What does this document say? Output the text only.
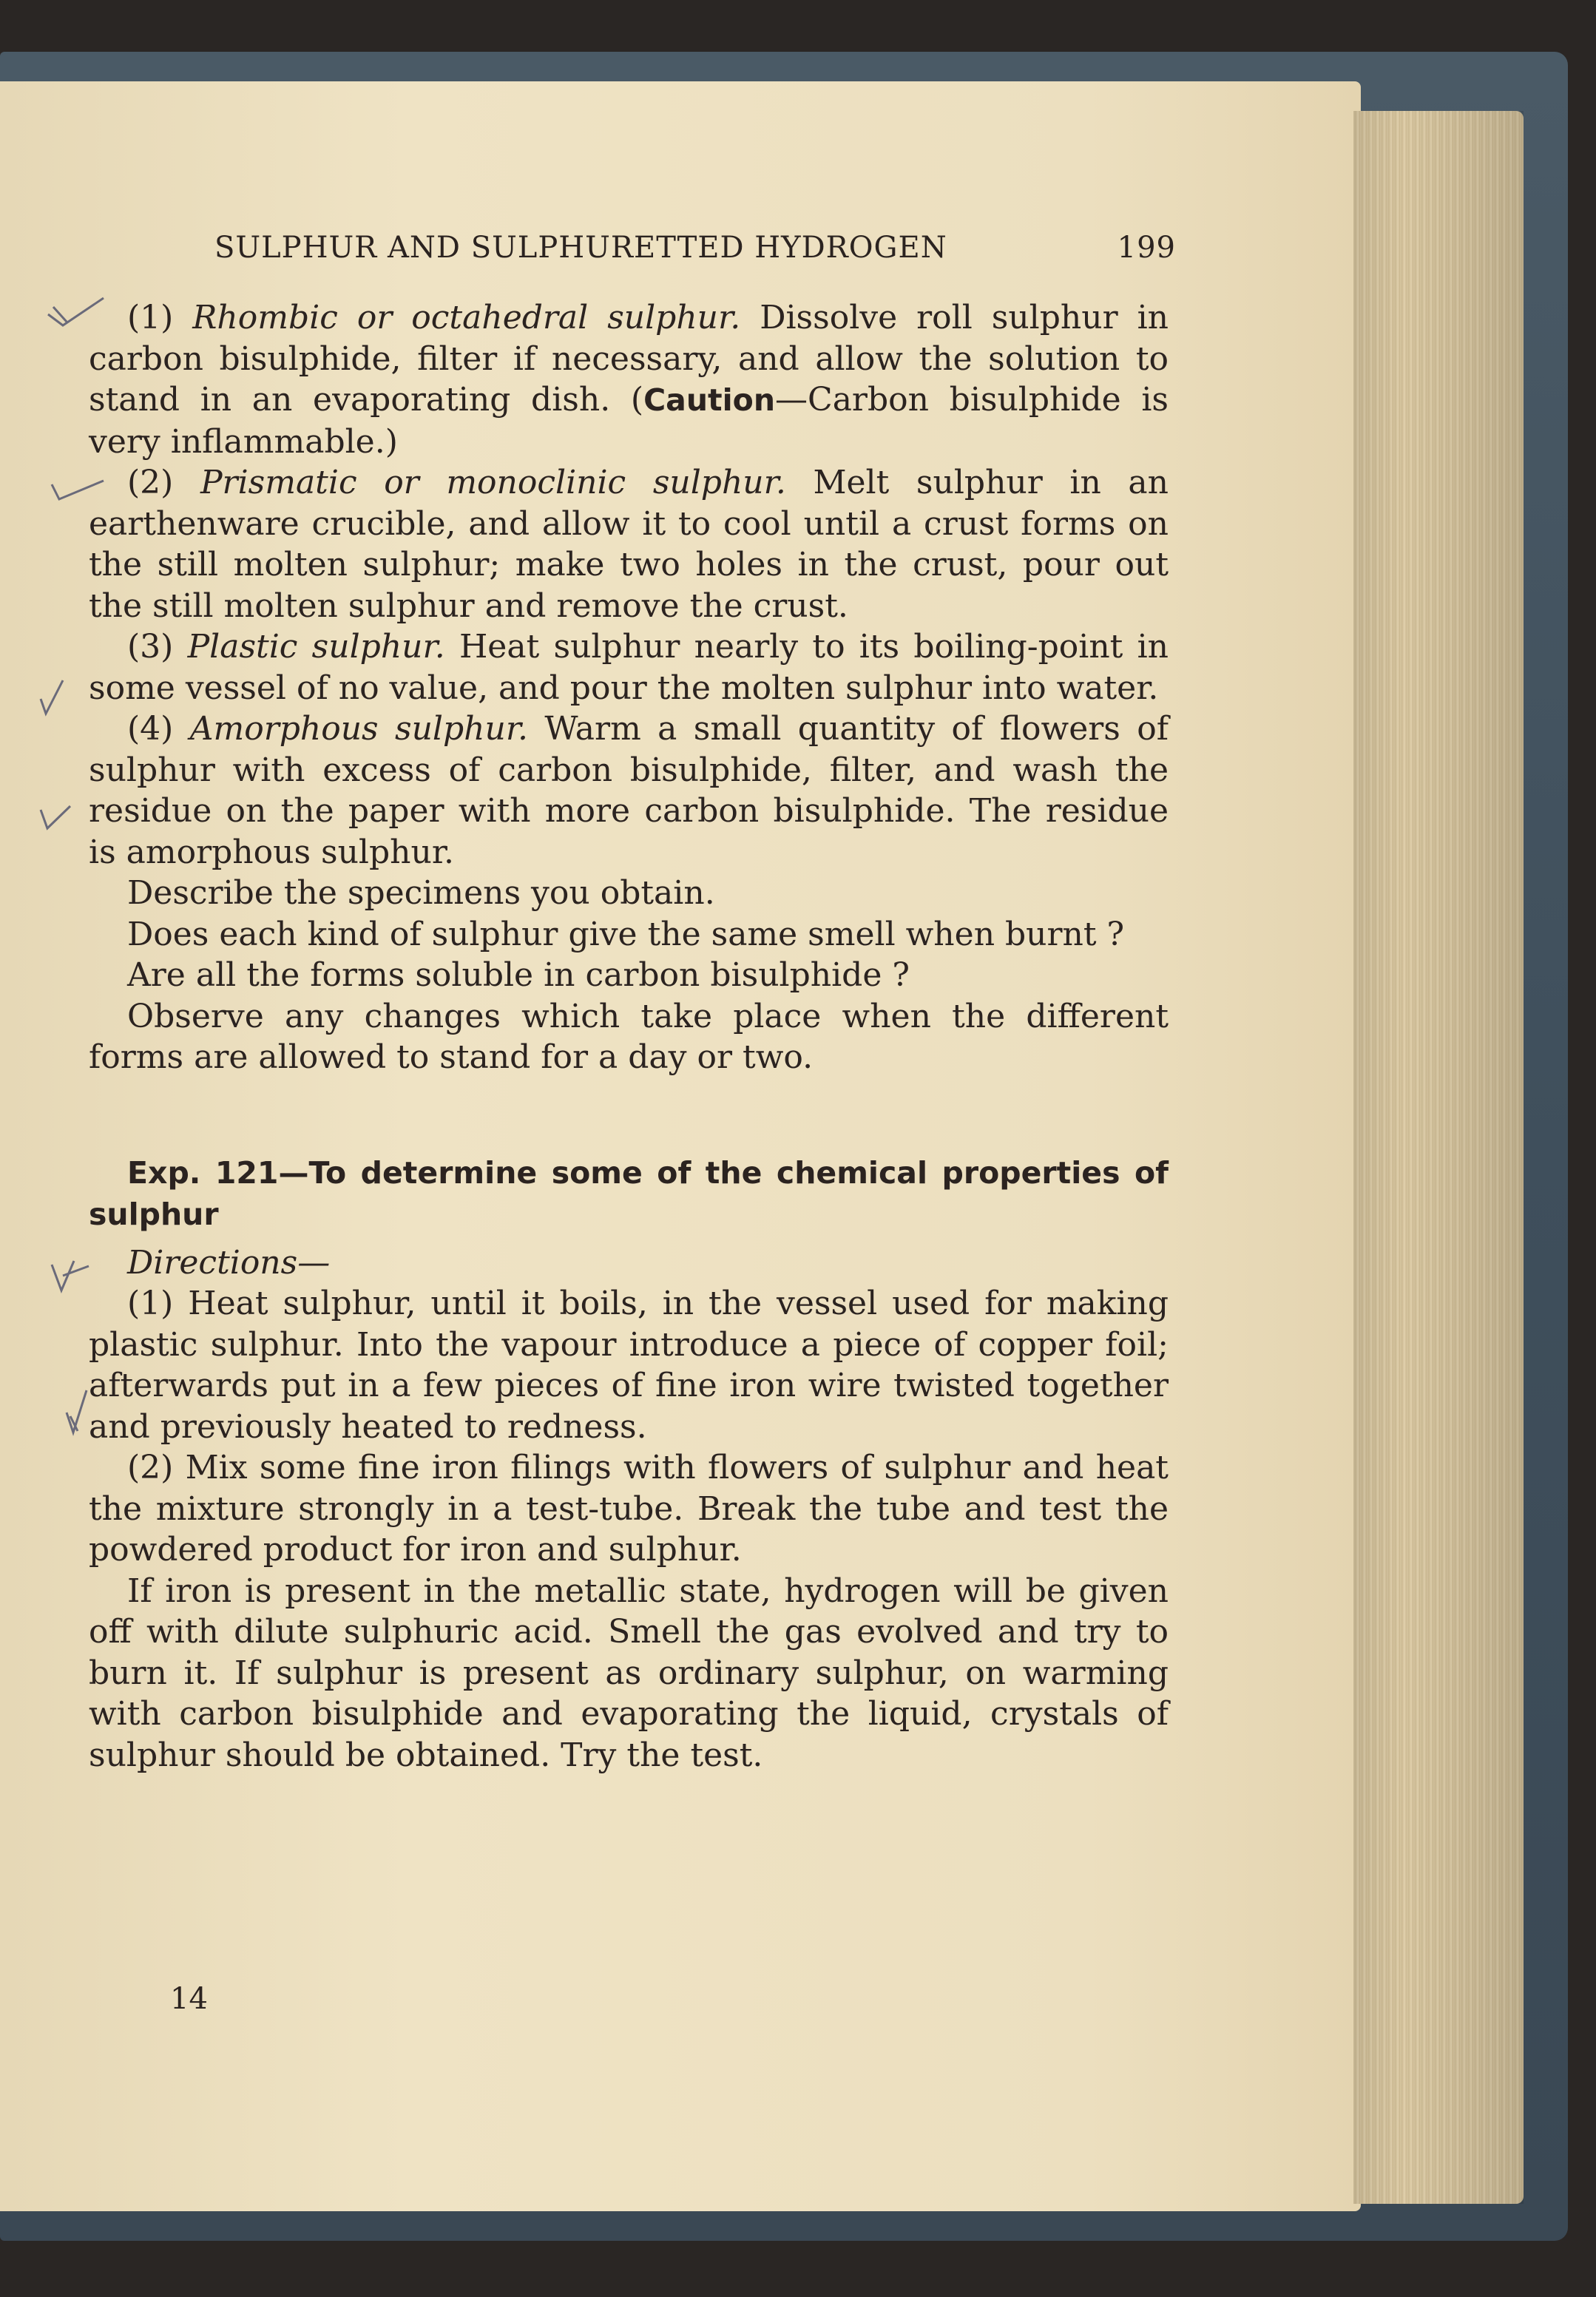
SULPHUR AND SULPHURETTED HYDROGEN	199

(1) Rhombic or octahedral sulphur. Dissolve roll sulphur in carbon bisulphide, filter if necessary, and allow the solution to stand in an evaporating dish. (Caution—Carbon bisulphide is very inflammable.)

(2) Prismatic or monoclinic sulphur. Melt sulphur in an earthenware crucible, and allow it to cool until a crust forms on the still molten sulphur; make two holes in the crust, pour out the still molten sulphur and remove the crust.

(3) Plastic sulphur. Heat sulphur nearly to its boiling-point in some vessel of no value, and pour the molten sulphur into water.

(4) Amorphous sulphur. Warm a small quantity of flowers of sulphur with excess of carbon bisulphide, filter, and wash the residue on the paper with more carbon bisulphide. The residue is amorphous sulphur.

Describe the specimens you obtain.

Does each kind of sulphur give the same smell when burnt ?

Are all the forms soluble in carbon bisulphide ?

Observe any changes which take place when the different forms are allowed to stand for a day or two.

Exp. 121—To determine some of the chemical properties of sulphur

Directions—

(1) Heat sulphur, until it boils, in the vessel used for making plastic sulphur. Into the vapour introduce a piece of copper foil; afterwards put in a few pieces of fine iron wire twisted together and previously heated to redness.

(2) Mix some fine iron filings with flowers of sulphur and heat the mixture strongly in a test-tube. Break the tube and test the powdered product for iron and sulphur.

If iron is present in the metallic state, hydrogen will be given off with dilute sulphuric acid. Smell the gas evolved and try to burn it. If sulphur is present as ordinary sulphur, on warming with carbon bisulphide and evaporating the liquid, crystals of sulphur should be obtained. Try the test.

14
